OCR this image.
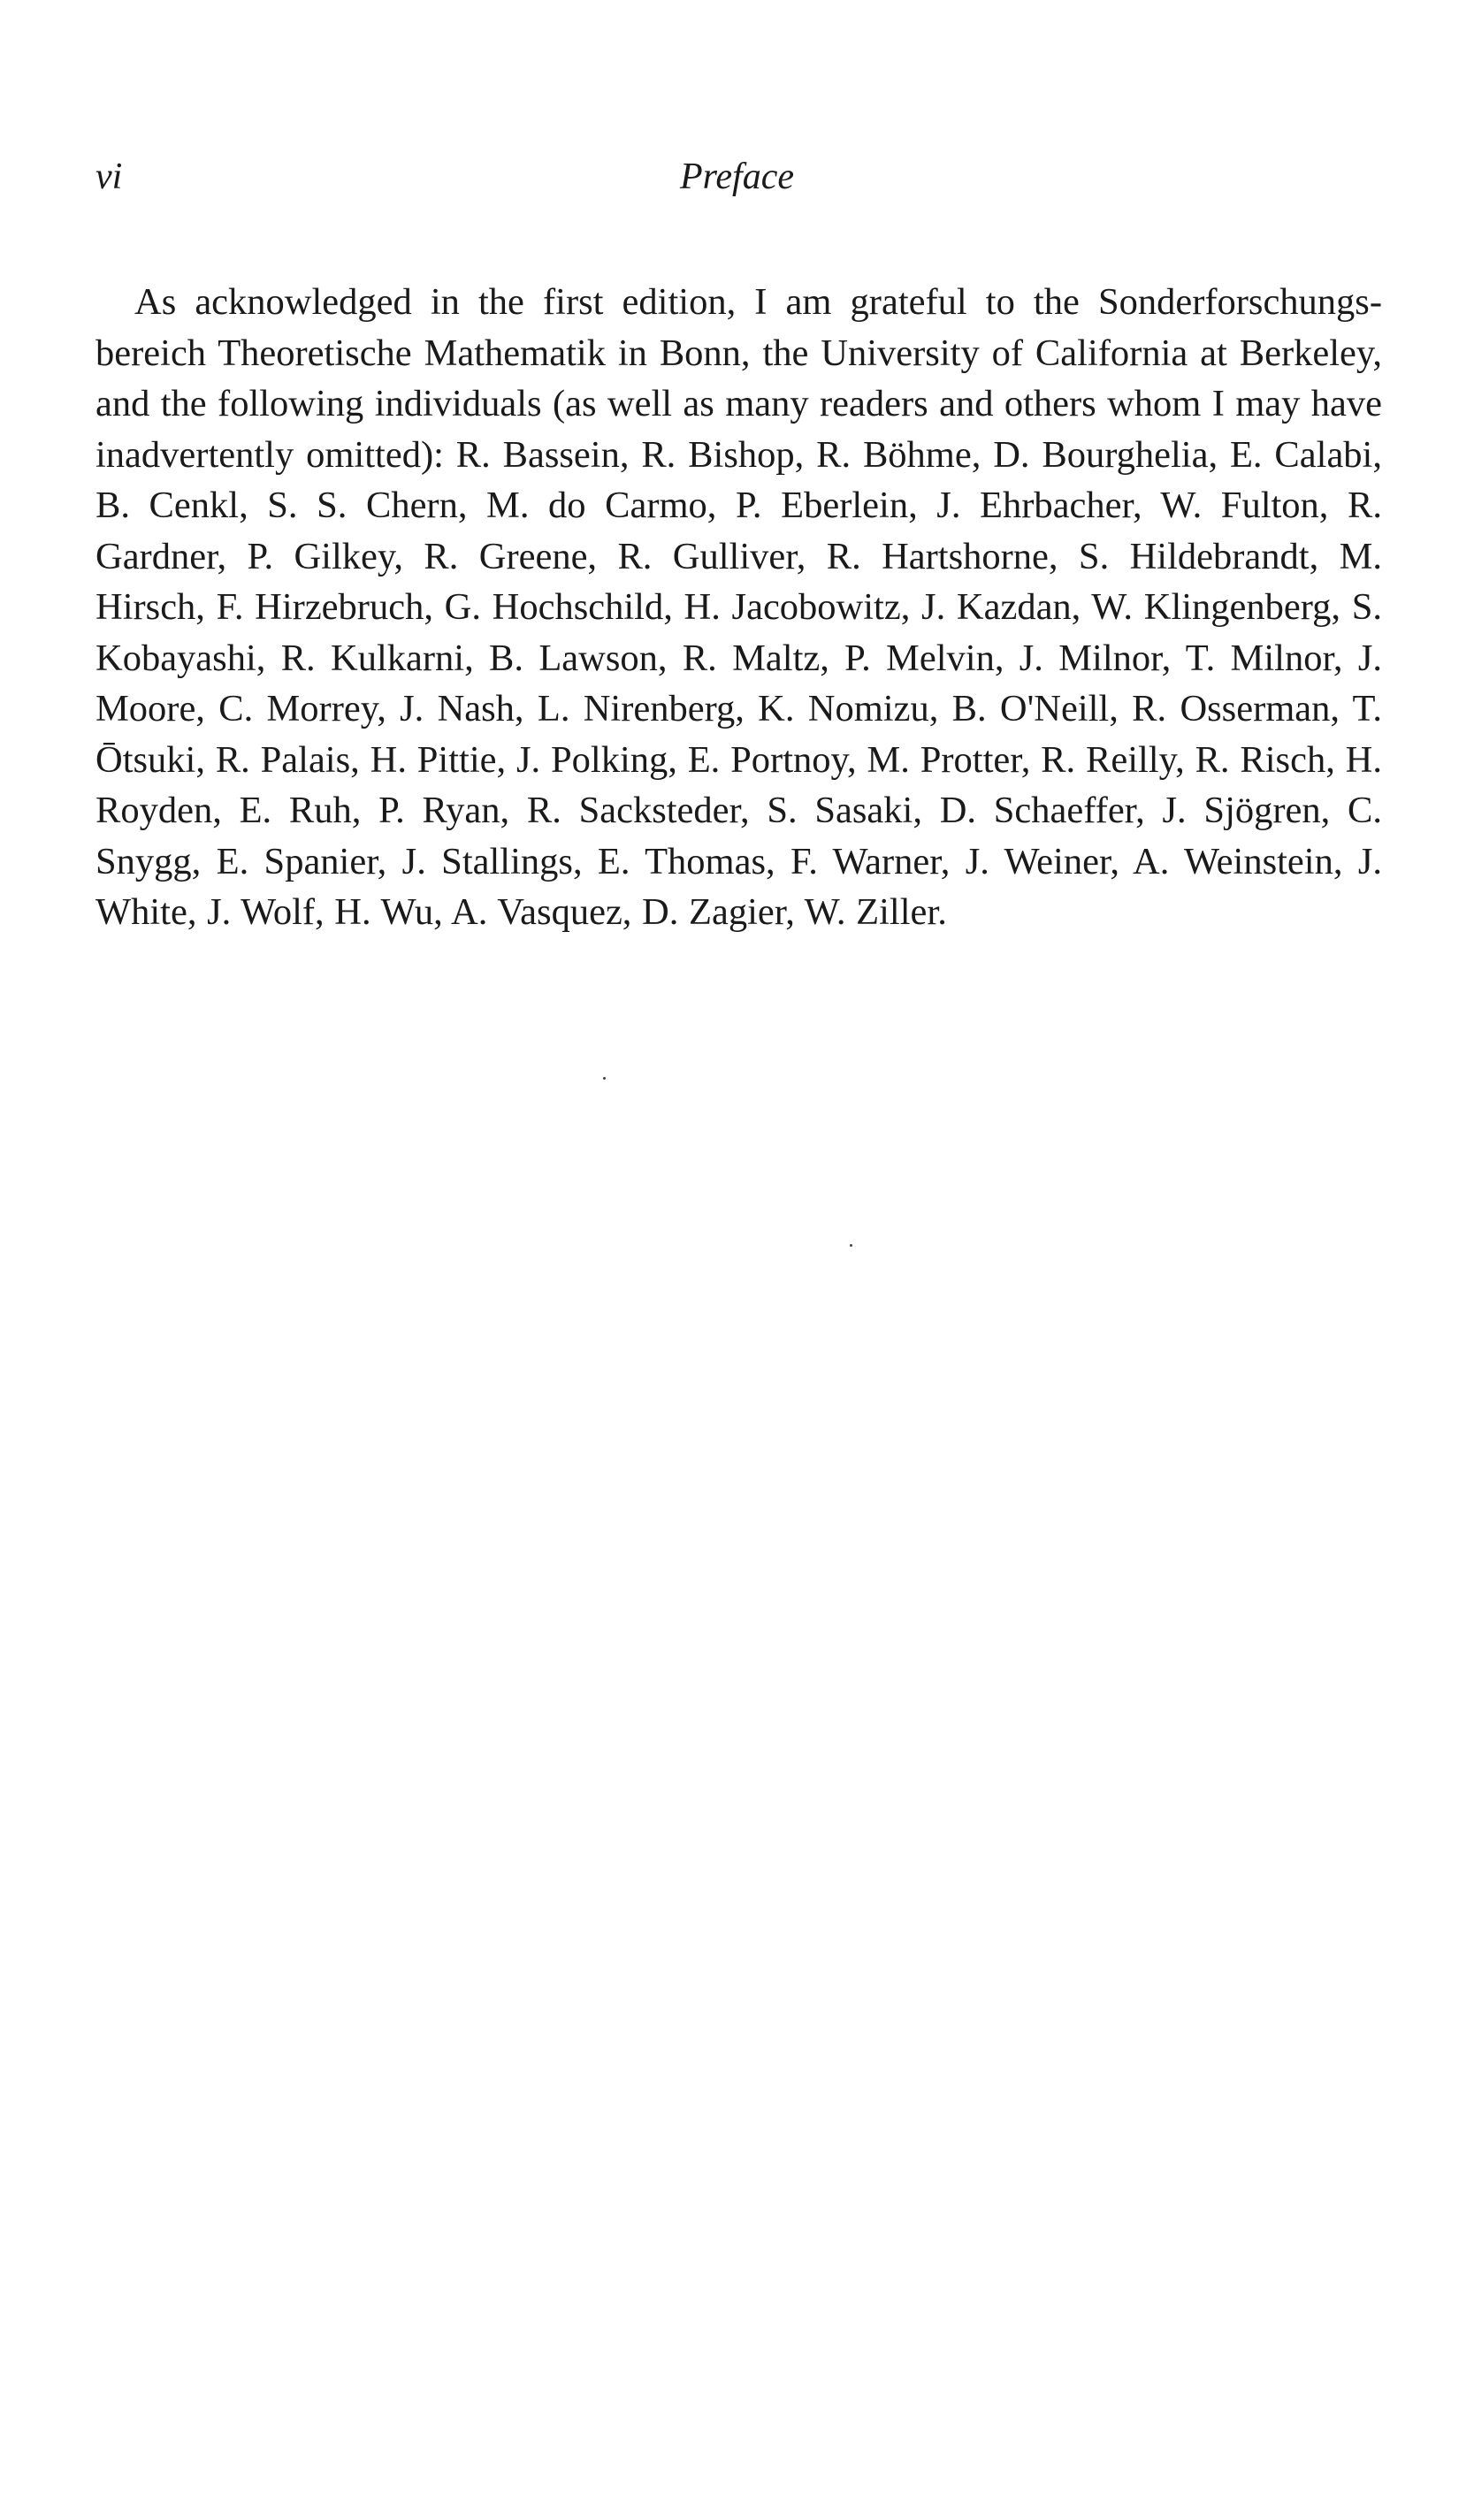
vi	Preface

As acknowledged in the first edition, I am grateful to the Sonderforschungs-bereich Theoretische Mathematik in Bonn, the University of California at Berkeley, and the following individuals (as well as many readers and others whom I may have inadvertently omitted): R. Bassein, R. Bishop, R. Böhme, D. Bourghelia, E. Calabi, B. Cenkl, S. S. Chern, M. do Carmo, P. Eberlein, J. Ehrbacher, W. Fulton, R. Gardner, P. Gilkey, R. Greene, R. Gulliver, R. Hartshorne, S. Hildebrandt, M. Hirsch, F. Hirzebruch, G. Hochschild, H. Jacobowitz, J. Kazdan, W. Klingenberg, S. Kobayashi, R. Kulkarni, B. Lawson, R. Maltz, P. Melvin, J. Milnor, T. Milnor, J. Moore, C. Morrey, J. Nash, L. Nirenberg, K. Nomizu, B. O'Neill, R. Osserman, T. Ōtsuki, R. Palais, H. Pittie, J. Polking, E. Portnoy, M. Protter, R. Reilly, R. Risch, H. Royden, E. Ruh, P. Ryan, R. Sacksteder, S. Sasaki, D. Schaeffer, J. Sjögren, C. Snygg, E. Spanier, J. Stallings, E. Thomas, F. Warner, J. Weiner, A. Weinstein, J. White, J. Wolf, H. Wu, A. Vasquez, D. Zagier, W. Ziller.
